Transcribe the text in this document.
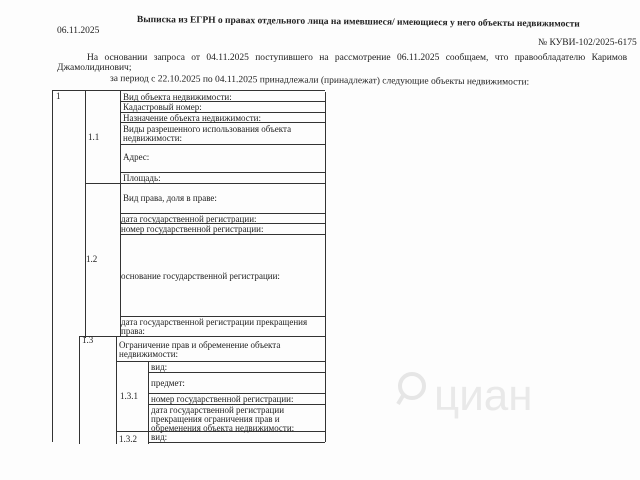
Выписка из ЕГРН о правах отдельного лица на имевшиеся/ имеющиеся у него объекты недвижимости
06.11.2025
№ КУВИ-102/2025-6175
На основании запроса от 04.11.2025 поступившего на рассмотрение 06.11.2025 сообщаем, что правообладателю Каримов
Джамолидинович;
за период с 22.10.2025 по 04.11.2025 принадлежали (принадлежат) следующие объекты недвижимости:
1
1.1
1.2
1.3
1.3.1
1.3.2
Вид объекта недвижимости:
Кадастровый номер:
Назначение объекта недвижимости:
Виды разрешенного использования объекта
недвижимости:
Адрес:
Площадь:
Вид права, доля в праве:
дата государственной регистрации:
номер государственной регистрации:
основание государственной регистрации:
дата государственной регистрации прекращения
права:
Ограничение прав и обременение объекта
недвижимости:
вид:
предмет:
номер государственной регистрации:
дата государственной регистрации
прекращения ограничения прав и
обременения объекта недвижимости:
вид:
циан
